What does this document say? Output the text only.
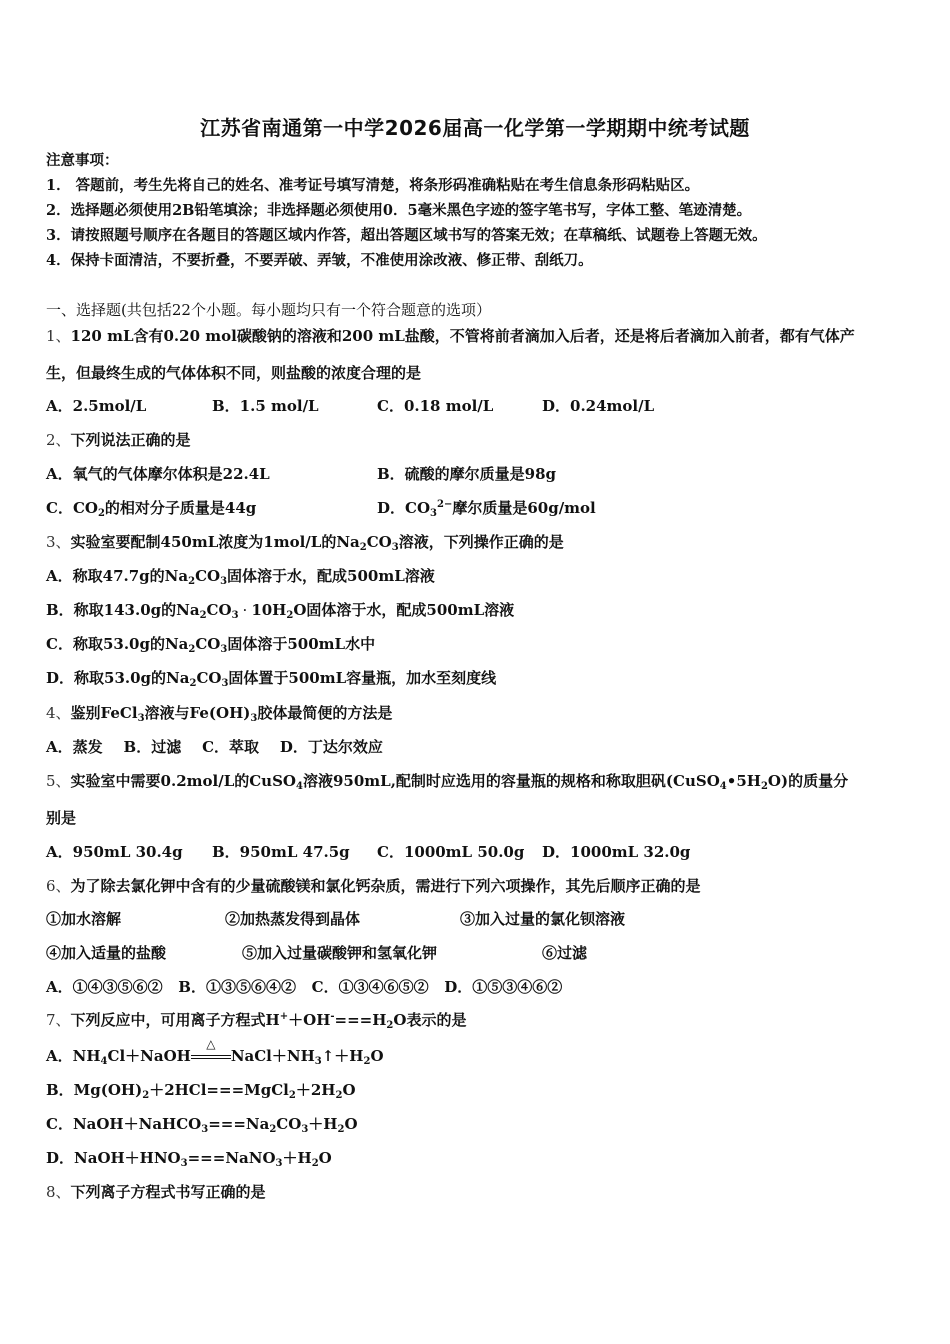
江苏省南通第一中学2026届高一化学第一学期期中统考试题
注意事项：
1． 答题前，考生先将自己的姓名、准考证号填写清楚，将条形码准确粘贴在考生信息条形码粘贴区。
2．选择题必须使用2B铅笔填涂；非选择题必须使用0．5毫米黑色字迹的签字笔书写，字体工整、笔迹清楚。
3．请按照题号顺序在各题目的答题区域内作答，超出答题区域书写的答案无效；在草稿纸、试题卷上答题无效。
4．保持卡面清洁，不要折叠，不要弄破、弄皱，不准使用涂改液、修正带、刮纸刀。
一、选择题(共包括22个小题。每小题均只有一个符合题意的选项）
1、120 mL含有0.20 mol碳酸钠的溶液和200 mL盐酸，不管将前者滴加入后者，还是将后者滴加入前者，都有气体产
生，但最终生成的气体体积不同，则盐酸的浓度合理的是
A．2.5mol/L	B．1.5 mol/L	C．0.18 mol/L	D．0.24mol/L
2、下列说法正确的是
A．氧气的气体摩尔体积是22.4L	B．硫酸的摩尔质量是98g
C．$CO_2$的相对分子质量是44g	D．$CO_3^{2-}$摩尔质量是60g/mol
3、实验室要配制450mL浓度为1mol/L的$Na_2CO_3$溶液，下列操作正确的是
A．称取47.7g的$Na_2CO_3$固体溶于水，配成500mL溶液
B．称取143.0g的$Na_2CO_3 \cdot 10H_2O$固体溶于水，配成500mL溶液
C．称取53.0g的$Na_2CO_3$固体溶于500mL水中
D．称取53.0g的$Na_2CO_3$固体置于500mL容量瓶，加水至刻度线
4、鉴别FeCl$_3$溶液与$Fe(OH)_3$胶体最简便的方法是
A．蒸发    B．过滤    C．萃取    D．丁达尔效应
5、实验室中需要0.2mol/L的CuSO$_4$溶液950mL,配制时应选用的容量瓶的规格和称取胆矾$(CuSO_4•5H_2O)$的质量分
别是
A．950mL 30.4g B．950mL 47.5g C．1000mL 50.0g D．1000mL 32.0g
6、为了除去氯化钾中含有的少量硫酸镁和氯化钙杂质，需进行下列六项操作，其先后顺序正确的是
①加水溶解	②加热蒸发得到晶体	③加入过量的氯化钡溶液
④加入适量的盐酸	⑤加入过量碳酸钾和氢氧化钾	⑥过滤
A．①④③⑤⑥②   B．①③⑤⑥④②   C．①③④⑥⑤②   D．①⑤③④⑥②
7、下列反应中，可用离子方程式$H^++OH^-===H_2O$表示的是
A．$NH_4Cl+NaOH$
△
$NaCl+NH_3↑+H_2O$
B．$Mg(OH)_2+2HCl===MgCl_2+2H_2O$
C．$NaOH+NaHCO_3===Na_2CO_3+H_2O$
D．$NaOH+HNO_3===NaNO_3+H_2O$
8、下列离子方程式书写正确的是
